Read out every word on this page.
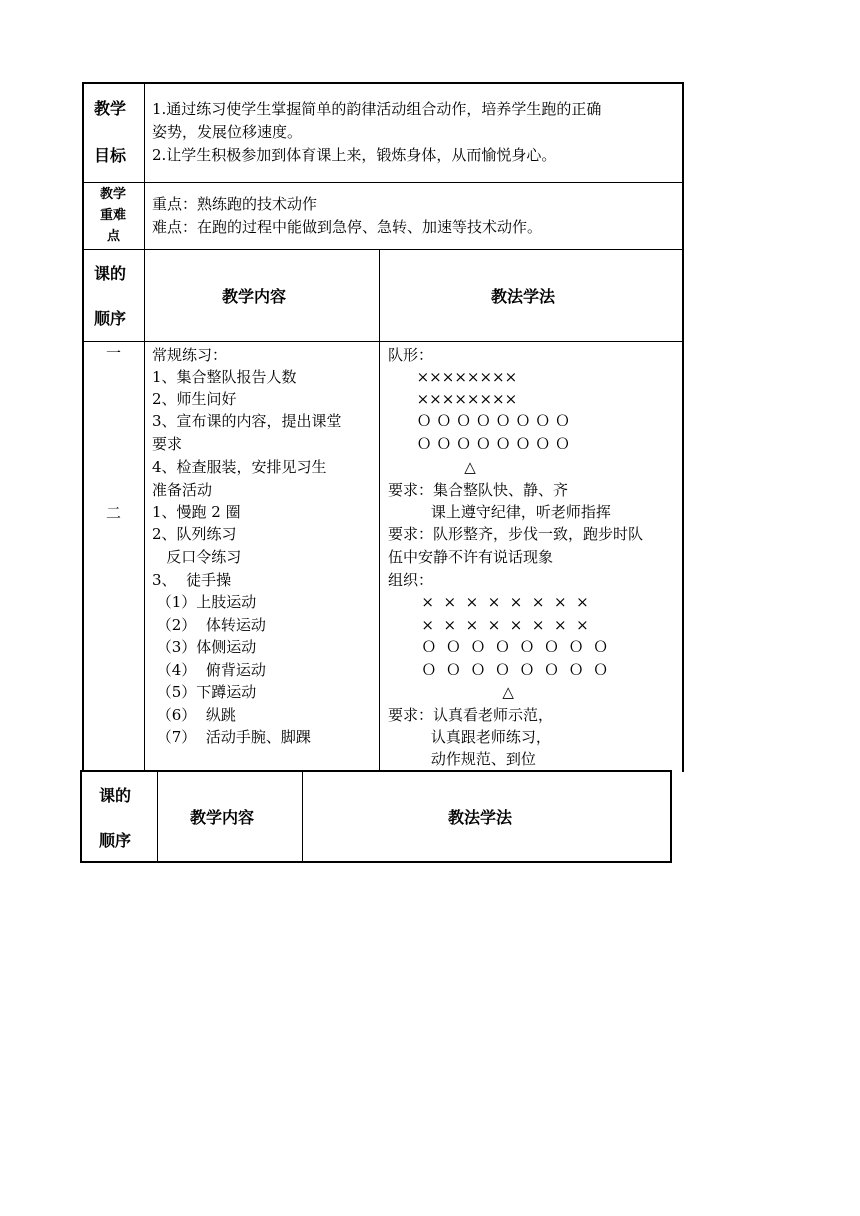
教学
目标
1.通过练习使学生掌握简单的韵律活动组合动作，培养学生跑的正确
姿势，发展位移速度。
2.让学生积极参加到体育课上来，锻炼身体，从而愉悦身心。
教学
重难
点
重点：熟练跑的技术动作
难点：在跑的过程中能做到急停、急转、加速等技术动作。
课的
顺序
教学内容	教法学法
一
二
常规练习：
1、集合整队报告人数
2、师生问好
3、宣布课的内容，提出课堂
要求
4、检查服装，安排见习生
准备活动
1、慢跑 2 圈
2、队列练习
反口令练习
3、  徒手操
（1）上肢运动
（2）  体转运动
（3）体侧运动
（4）  俯背运动
（5）下蹲运动
（6）  纵跳
（7）  活动手腕、脚踝
队形：
××××××××
××××××××
Ｏ Ｏ Ｏ Ｏ Ｏ Ｏ Ｏ Ｏ
Ｏ Ｏ Ｏ Ｏ Ｏ Ｏ Ｏ Ｏ
△
要求：集合整队快、静、齐
课上遵守纪律，听老师指挥
要求：队形整齐，步伐一致，跑步时队
伍中安静不许有说话现象
组织：
×  ×  ×  ×  ×  ×  ×  ×
×  ×  ×  ×  ×  ×  ×  ×
Ｏ  Ｏ  Ｏ  Ｏ  Ｏ  Ｏ  Ｏ  Ｏ
Ｏ  Ｏ  Ｏ  Ｏ  Ｏ  Ｏ  Ｏ  Ｏ
△
要求：认真看老师示范，
认真跟老师练习，
动作规范、到位
课的
顺序
教学内容	教法学法
